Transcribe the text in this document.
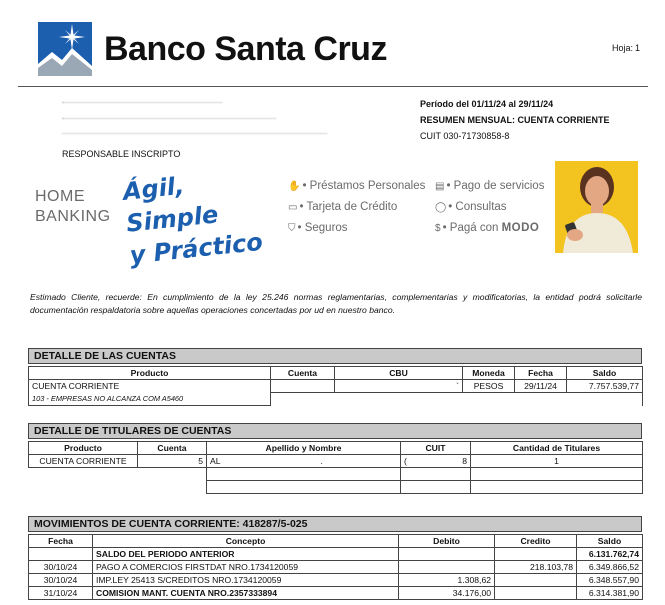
Banco Santa Cruz	Hoja: 1
RESPONSABLE INSCRIPTO
Período del 01/11/24 al 29/11/24
RESUMEN MENSUAL: CUENTA CORRIENTE
CUIT 030-71730858-8
HOME
BANKING
Ágil, Simple
y Práctico
✋ • Préstamos Personales
▭ • Tarjeta de Crédito
⛉ • Seguros
▤ • Pago de servicios
◯ • Consultas
$ • Pagá con MODO
Estimado Cliente, recuerde: En cumplimiento de la ley 25.246 normas reglamentarias, complementarias y modificatorias, la entidad podrá solicitarle documentación respaldatoria sobre aquellas operaciones concertadas por ud en nuestro banco.
DETALLE DE LAS CUENTAS
Producto	Cuenta	CBU	Moneda	Fecha	Saldo
CUENTA CORRIENTE		`	PESOS	29/11/24	7.757.539,77
103 - EMPRESAS NO ALCANZA COM A5460					
DETALLE DE TITULARES DE CUENTAS
Producto	Cuenta	Apellido y Nombre	CUIT	Cantidad de Titulares
CUENTA CORRIENTE	5	AL .	( 8	1

MOVIMIENTOS DE CUENTA CORRIENTE: 418287/5-025
Fecha	Concepto	Debito	Credito	Saldo
	SALDO DEL PERIODO ANTERIOR			6.131.762,74
30/10/24	PAGO A COMERCIOS FIRSTDAT NRO.1734120059		218.103,78	6.349.866,52
30/10/24	IMP.LEY 25413 S/CREDITOS NRO.1734120059	1.308,62		6.348.557,90
31/10/24	COMISION MANT. CUENTA NRO.2357333894	34.176,00		6.314.381,90
